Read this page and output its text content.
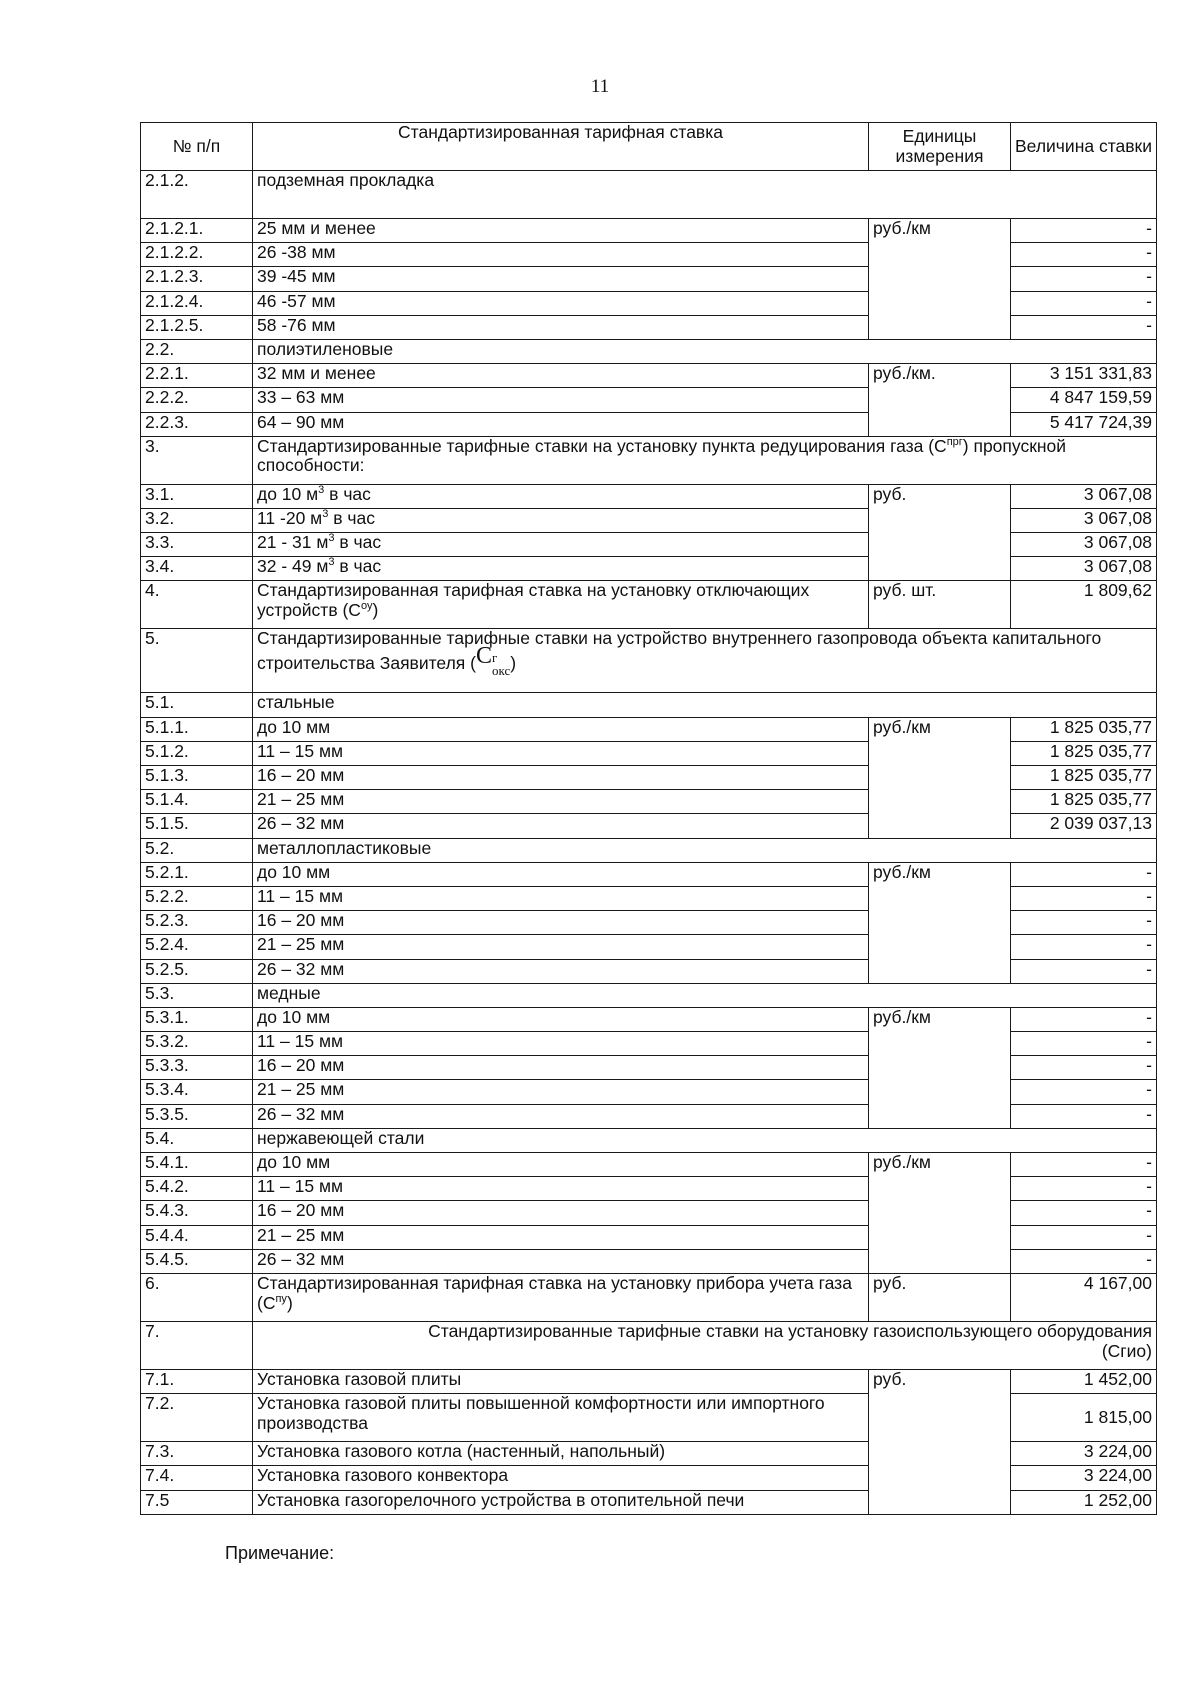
11
№ п/п	Стандартизированная тарифная ставка	Единицы измерения	Величина ставки
2.1.2.	подземная прокладка		
2.1.2.1.	25 мм и менее	руб./км	-
2.1.2.2.	26 -38 мм		-
2.1.2.3.	39 -45 мм		-
2.1.2.4.	46 -57 мм		-
2.1.2.5.	58 -76 мм		-
2.2.	полиэтиленовые		
2.2.1.	32 мм и менее	руб./км.	3 151 331,83
2.2.2.	33 – 63 мм		4 847 159,59
2.2.3.	64 – 90 мм		5 417 724,39
3.	Стандартизированные тарифные ставки на установку пункта редуцирования газа $(C^{прг})$ пропускной способности:		
3.1.	до 10 $м^3$ в час	руб.	3 067,08
3.2.	11 -20 $м^3$ в час		3 067,08
3.3.	21 - 31 $м^3$ в час		3 067,08
3.4.	32 - 49 $м^3$ в час		3 067,08
4.	Стандартизированная тарифная ставка на установку отключающих устройств $(C^{оу})$	руб. шт.	1 809,62
5.	Стандартизированные тарифные ставки на устройство внутреннего газопровода объекта капитального строительства Заявителя (Cг
окс)		
5.1.	стальные		
5.1.1.	до 10 мм	руб./км	1 825 035,77
5.1.2.	11 – 15 мм		1 825 035,77
5.1.3.	16 – 20 мм		1 825 035,77
5.1.4.	21 – 25 мм		1 825 035,77
5.1.5.	26 – 32 мм		2 039 037,13
5.2.	металлопластиковые		
5.2.1.	до 10 мм	руб./км	-
5.2.2.	11 – 15 мм		-
5.2.3.	16 – 20 мм		-
5.2.4.	21 – 25 мм		-
5.2.5.	26 – 32 мм		-
5.3.	медные		
5.3.1.	до 10 мм	руб./км	-
5.3.2.	11 – 15 мм		-
5.3.3.	16 – 20 мм		-
5.3.4.	21 – 25 мм		-
5.3.5.	26 – 32 мм		-
5.4.	нержавеющей стали		
5.4.1.	до 10 мм	руб./км	-
5.4.2.	11 – 15 мм		-
5.4.3.	16 – 20 мм		-
5.4.4.	21 – 25 мм		-
5.4.5.	26 – 32 мм		-
6.	Стандартизированная тарифная ставка на установку прибора учета газа $(C^{пу})$	руб.	4 167,00
7.	Стандартизированные тарифные ставки на установку газоиспользующего оборудования
(Сгио)		

7.1.	Установка газовой плиты	руб.	1 452,00
7.2.	Установка газовой плиты повышенной комфортности или импортного производства		1 815,00
7.3.	Установка газового котла (настенный, напольный)		3 224,00
7.4.	Установка газового конвектора		3 224,00
7.5	Установка газогорелочного устройства в отопительной печи		1 252,00
Примечание:
